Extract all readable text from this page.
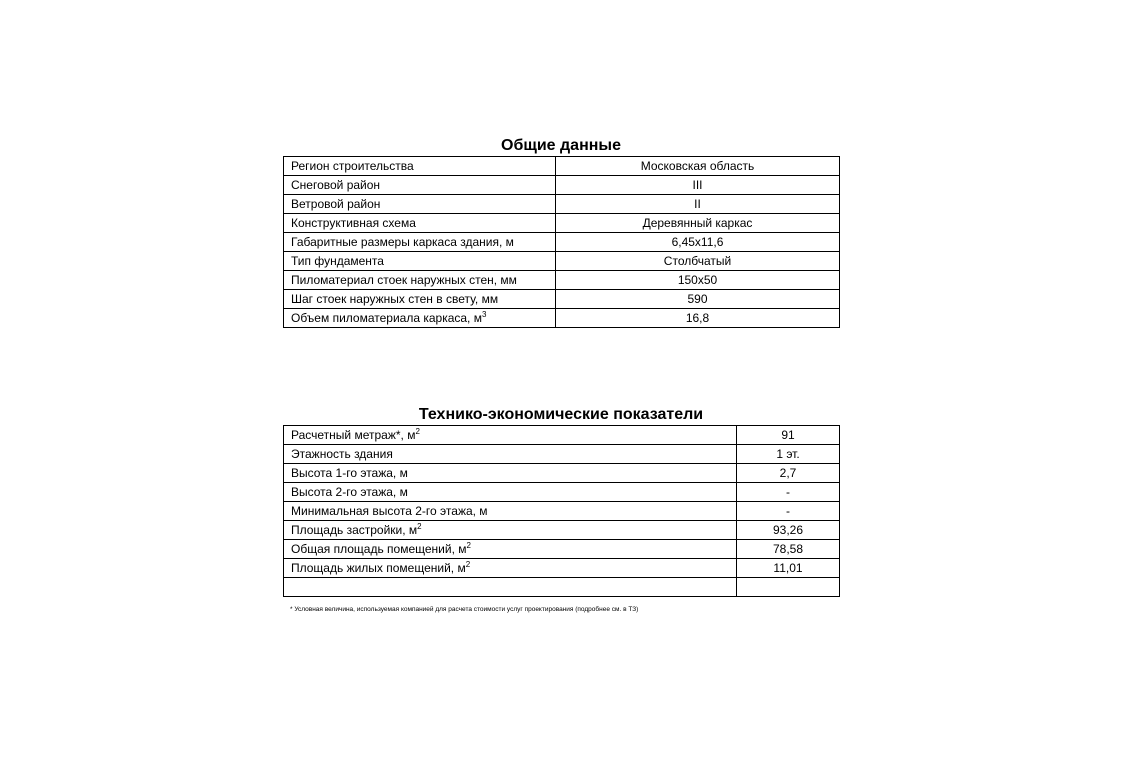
Общие данные
Регион строительства	Московская область
Снеговой район	III
Ветровой район	II
Конструктивная схема	Деревянный каркас
Габаритные размеры каркаса здания, м	6,45х11,6
Тип фундамента	Столбчатый
Пиломатериал стоек наружных стен, мм	150х50
Шаг стоек наружных стен в свету, мм	590
Объем пиломатериала каркаса, $м^3$	16,8
Технико-экономические показатели
Расчетный метраж*, $м^2$	91
Этажность здания	1 эт.
Высота 1-го этажа, м	2,7
Высота 2-го этажа, м	-
Минимальная высота 2-го этажа, м	-
Площадь застройки, $м^2$	93,26
Общая площадь помещений, $м^2$	78,58
Площадь жилых помещений, $м^2$	11,01

* Условная величина, используемая компанией для расчета стоимости услуг проектирования (подробнее см. в ТЗ)
